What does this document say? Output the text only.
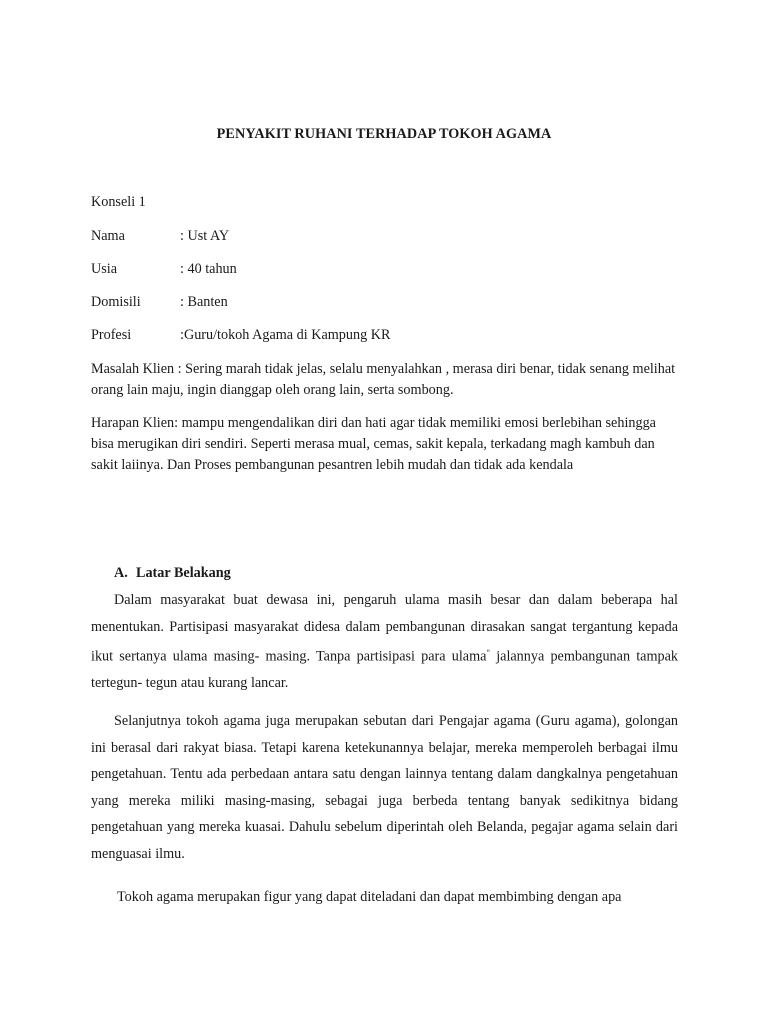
PENYAKIT RUHANI TERHADAP TOKOH AGAMA
Konseli 1
Nama	: Ust AY
Usia	: 40 tahun
Domisili	: Banten
Profesi	:Guru/tokoh Agama di Kampung KR

Masalah Klien : Sering marah tidak jelas, selalu menyalahkan , merasa diri benar, tidak senang melihat orang lain maju, ingin dianggap oleh orang lain, serta sombong.

Harapan Klien: mampu mengendalikan diri dan hati agar tidak memiliki emosi berlebihan sehingga bisa merugikan diri sendiri. Seperti merasa mual, cemas, sakit kepala, terkadang magh kambuh dan sakit laiinya. Dan Proses pembangunan pesantren lebih mudah dan tidak ada kendala

A. Latar Belakang

Dalam masyarakat buat dewasa ini, pengaruh ulama masih besar dan dalam beberapa hal menentukan. Partisipasi masyarakat didesa dalam pembangunan dirasakan sangat tergantung kepada ikut sertanya ulama masing- masing. Tanpa partisipasi para ulama“ jalannya pembangunan tampak tertegun- tegun atau kurang lancar.

Selanjutnya tokoh agama juga merupakan sebutan dari Pengajar agama (Guru agama), golongan ini berasal dari rakyat biasa. Tetapi karena ketekunannya belajar, mereka memperoleh berbagai ilmu pengetahuan. Tentu ada perbedaan antara satu dengan lainnya tentang dalam dangkalnya pengetahuan yang mereka miliki masing-masing, sebagai juga berbeda tentang banyak sedikitnya bidang pengetahuan yang mereka kuasai. Dahulu sebelum diperintah oleh Belanda, pegajar agama selain dari menguasai ilmu.

Tokoh agama merupakan figur yang dapat diteladani dan dapat membimbing dengan apa
